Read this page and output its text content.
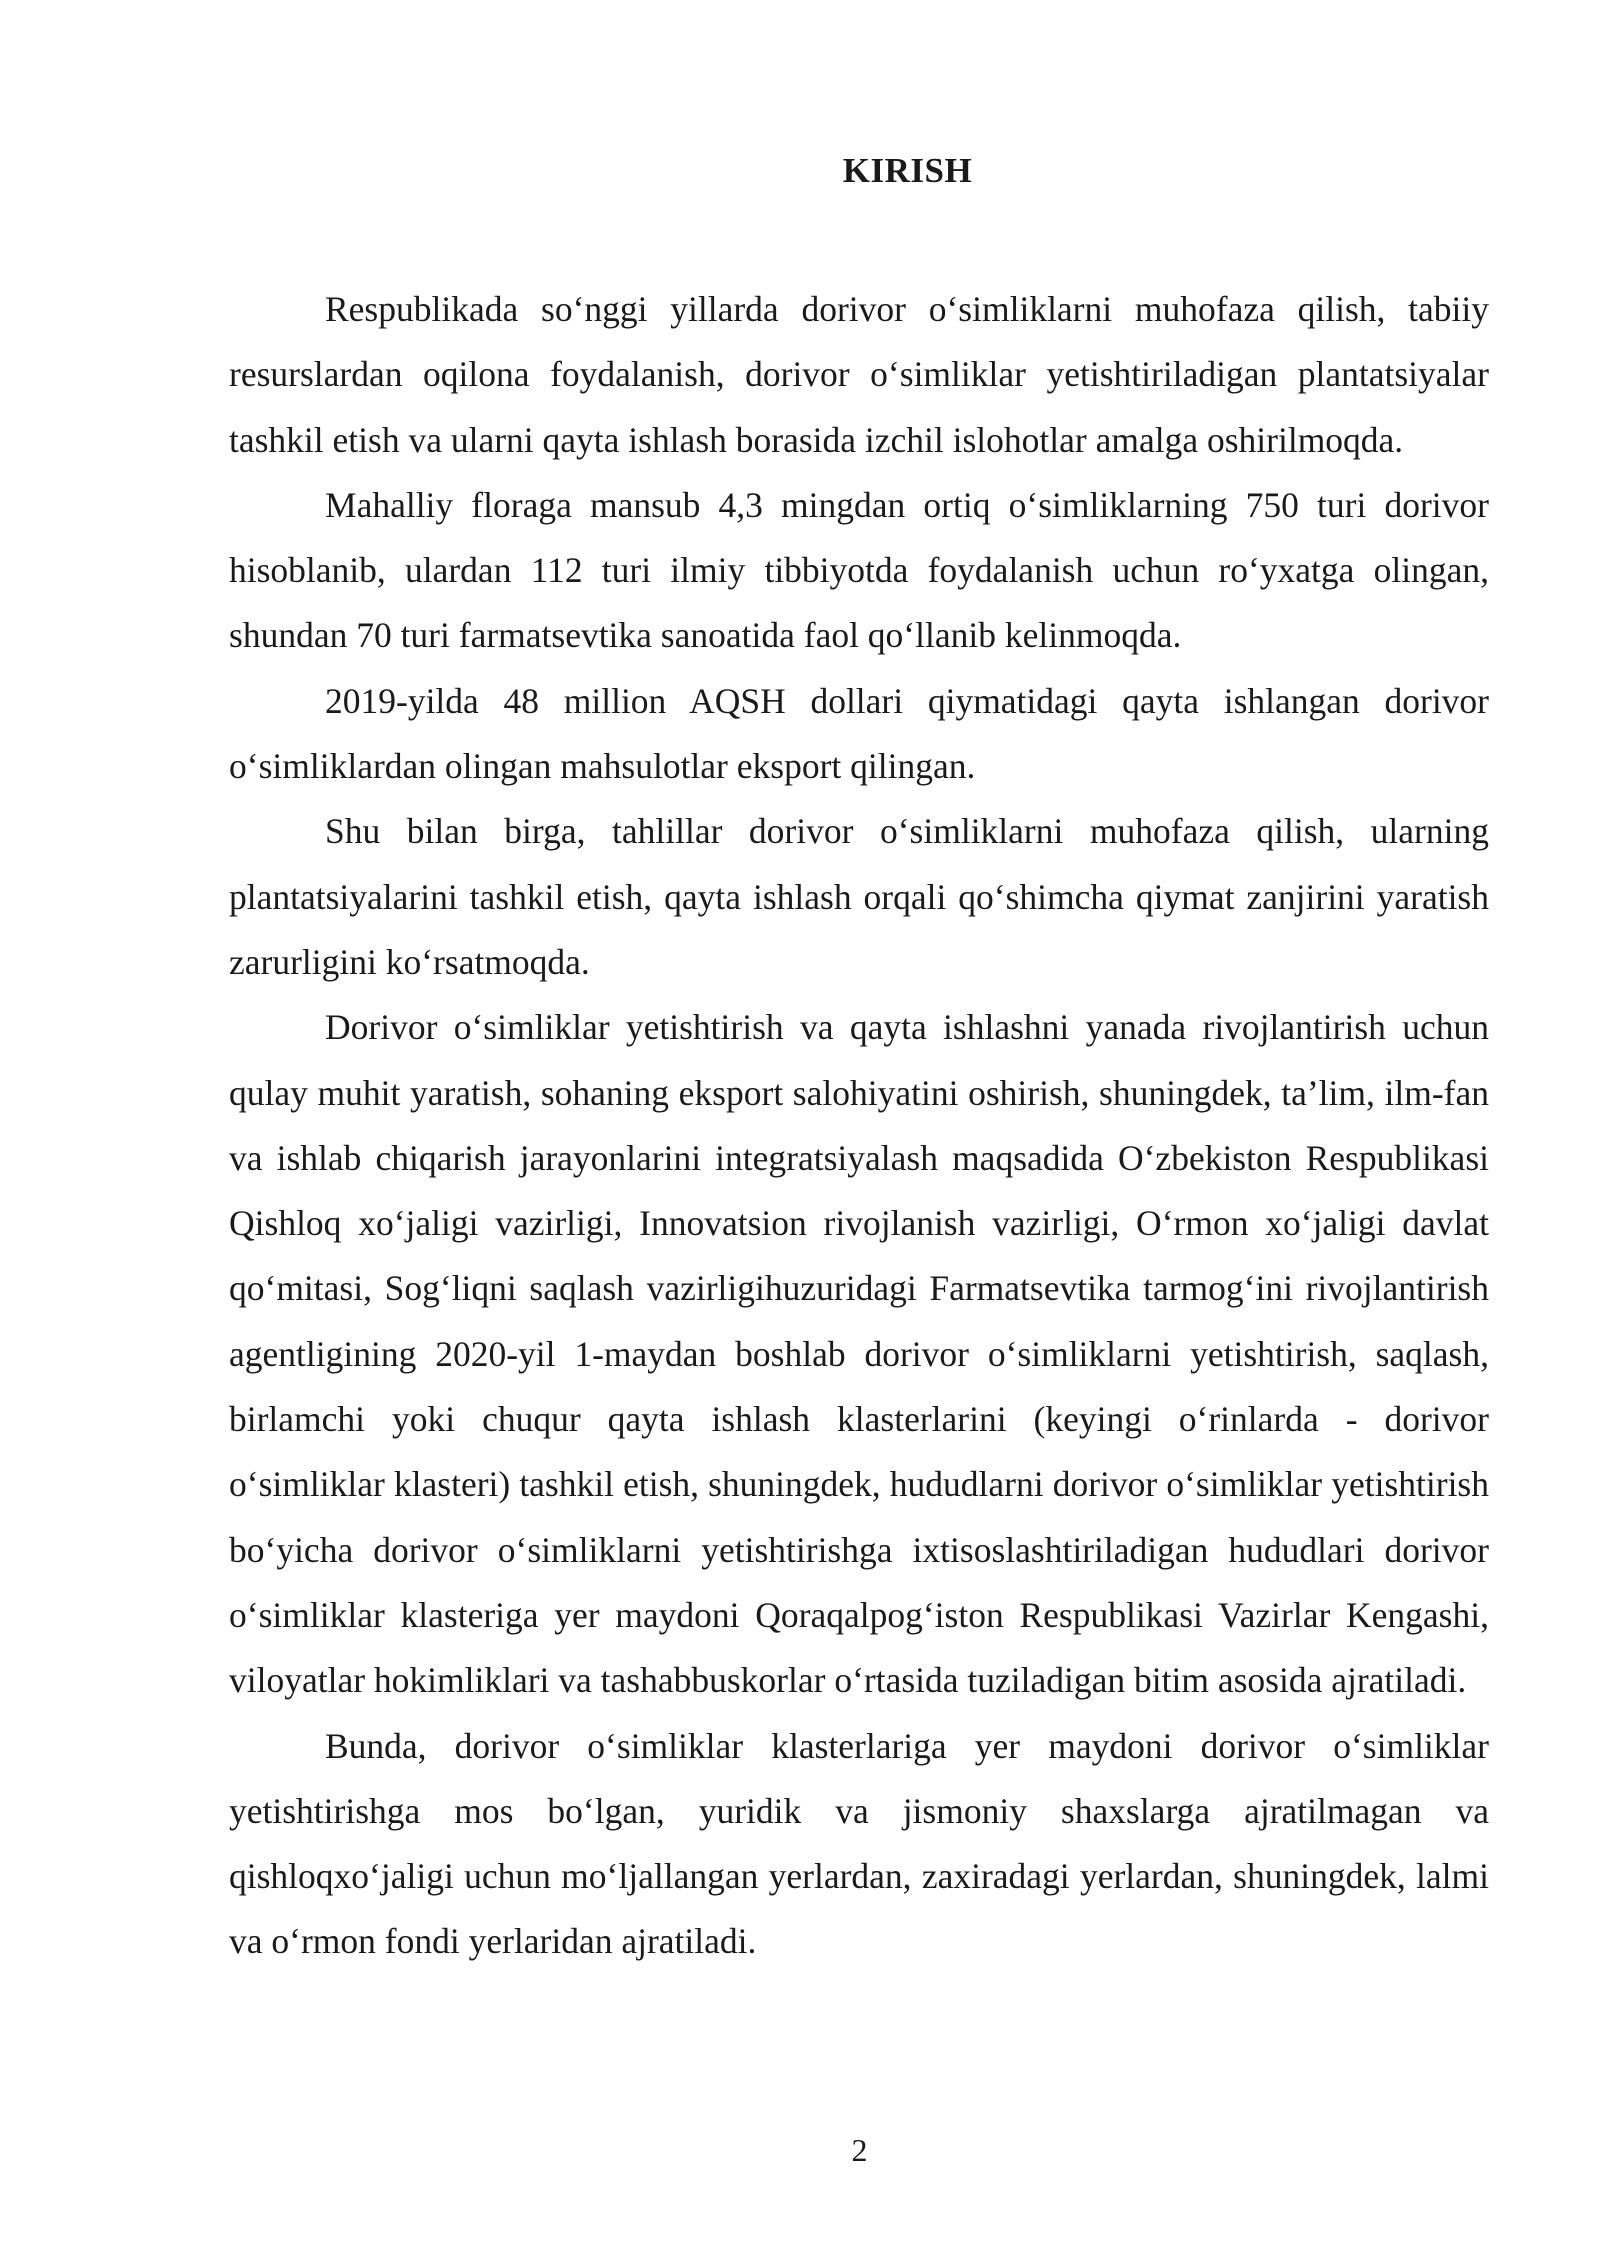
KIRISH

Respublikada so‘nggi yillarda dorivor o‘simliklarni muhofaza qilish, tabiiy resurslardan oqilona foydalanish, dorivor o‘simliklar yetishtiriladigan plantatsiyalar tashkil etish va ularni qayta ishlash borasida izchil islohotlar amalga oshirilmoqda.

Mahalliy floraga mansub 4,3 mingdan ortiq o‘simliklarning 750 turi dorivor hisoblanib, ulardan 112 turi ilmiy tibbiyotda foydalanish uchun ro‘yxatga olingan, shundan 70 turi farmatsevtika sanoatida faol qo‘llanib kelinmoqda.

2019-yilda 48 million AQSH dollari qiymatidagi qayta ishlangan dorivor o‘simliklardan olingan mahsulotlar eksport qilingan.

Shu bilan birga, tahlillar dorivor o‘simliklarni muhofaza qilish, ularning plantatsiyalarini tashkil etish, qayta ishlash orqali qo‘shimcha qiymat zanjirini yaratish zarurligini ko‘rsatmoqda.

Dorivor o‘simliklar yetishtirish va qayta ishlashni yanada rivojlantirish uchun qulay muhit yaratish, sohaning eksport salohiyatini oshirish, shuningdek, ta’lim, ilm-fan va ishlab chiqarish jarayonlarini integratsiyalash maqsadida O‘zbekiston Respublikasi Qishloq xo‘jaligi vazirligi, Innovatsion rivojlanish vazirligi, O‘rmon xo‘jaligi davlat qo‘mitasi, Sog‘liqni saqlash vazirligihuzuridagi Farmatsevtika tarmog‘ini rivojlantirish agentligining 2020-yil 1-maydan boshlab dorivor o‘simliklarni yetishtirish, saqlash, birlamchi yoki chuqur qayta ishlash klasterlarini (keyingi o‘rinlarda - dorivor o‘simliklar klasteri) tashkil etish, shuningdek, hududlarni dorivor o‘simliklar yetishtirish bo‘yicha dorivor o‘simliklarni yetishtirishga ixtisoslashtiriladigan hududlari dorivor o‘simliklar klasteriga yer maydoni Qoraqalpog‘iston Respublikasi Vazirlar Kengashi, viloyatlar hokimliklari va tashabbuskorlar o‘rtasida tuziladigan bitim asosida ajratiladi.

Bunda, dorivor o‘simliklar klasterlariga yer maydoni dorivor o‘simliklar yetishtirishga mos bo‘lgan, yuridik va jismoniy shaxslarga ajratilmagan va qishloqxo‘jaligi uchun mo‘ljallangan yerlardan, zaxiradagi yerlardan, shuningdek, lalmi va o‘rmon fondi yerlaridan ajratiladi.

2
